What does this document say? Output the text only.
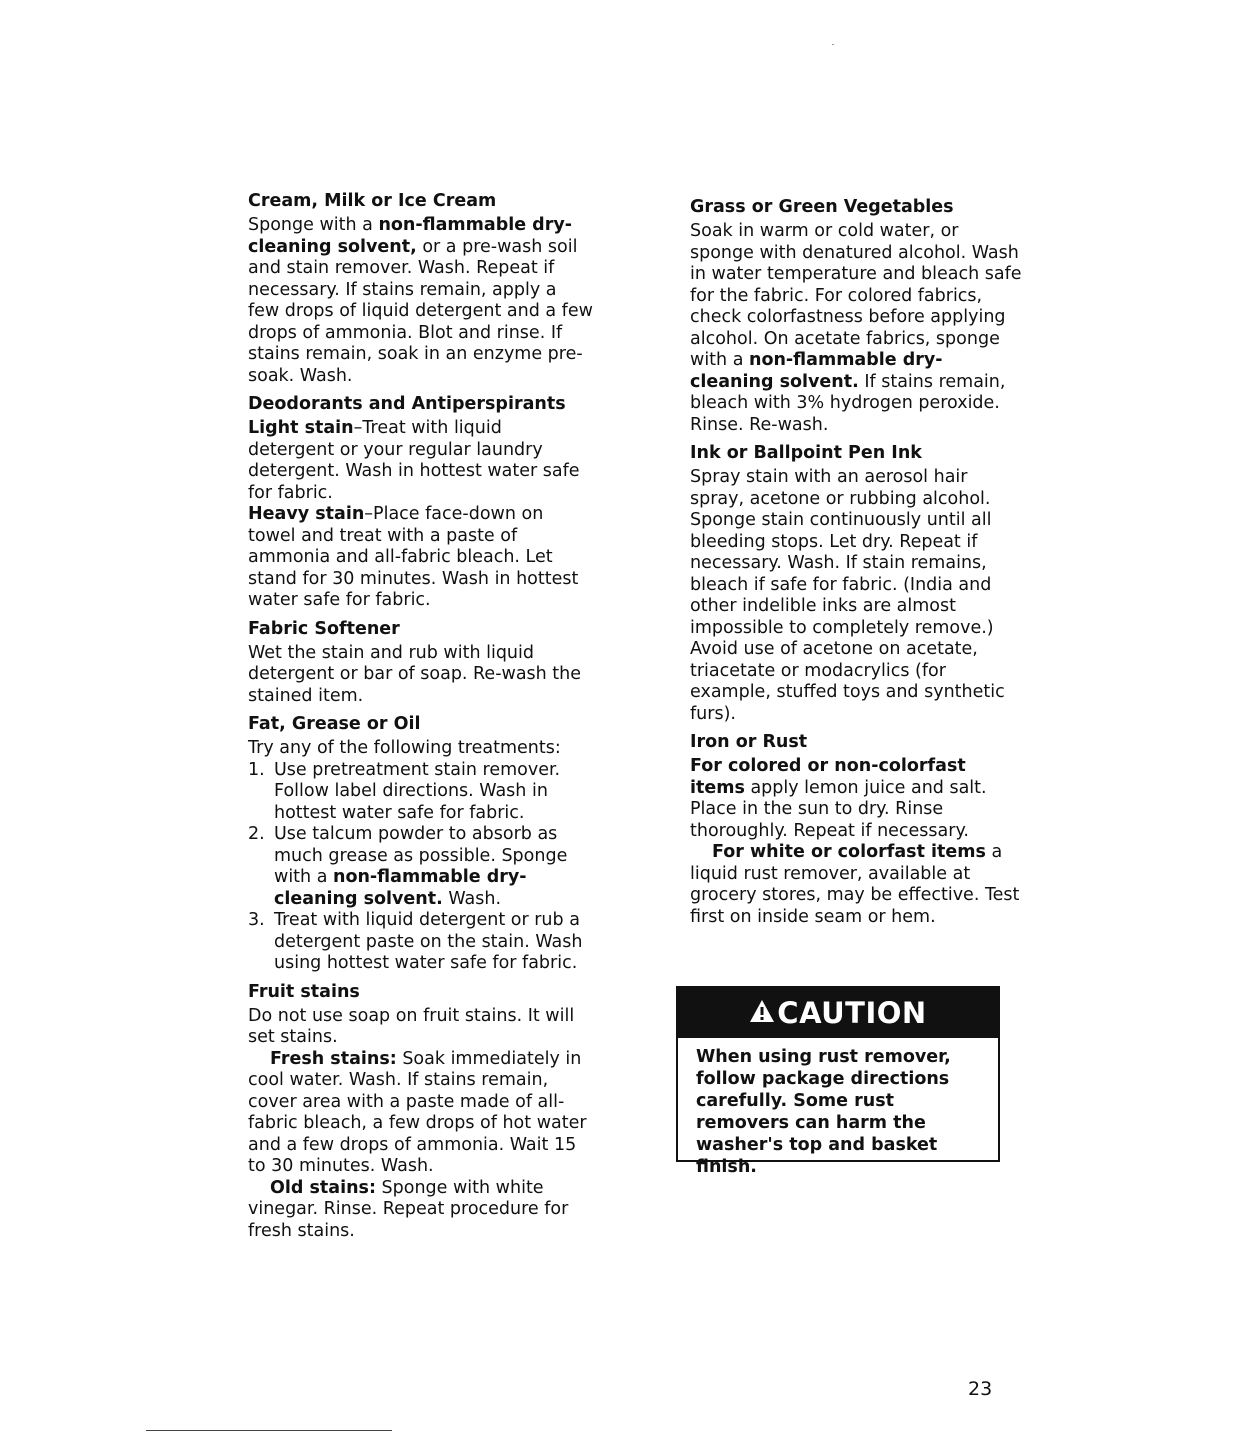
Cream, Milk or Ice Cream

Sponge with a non-flammable dry-cleaning solvent, or a pre-wash soil and stain remover. Wash. Repeat if necessary. If stains remain, apply a few drops of liquid detergent and a few drops of ammonia. Blot and rinse. If stains remain, soak in an enzyme pre-soak. Wash.

Deodorants and Antiperspirants

Light stain–Treat with liquid detergent or your regular laundry detergent. Wash in hottest water safe for fabric.

Heavy stain–Place face-down on towel and treat with a paste of ammonia and all-fabric bleach. Let stand for 30 minutes. Wash in hottest water safe for fabric.

Fabric Softener

Wet the stain and rub with liquid detergent or bar of soap. Re-wash the stained item.

Fat, Grease or Oil

Try any of the following treatments:

1. Use pretreatment stain remover. Follow label directions. Wash in hottest water safe for fabric.
2. Use talcum powder to absorb as much grease as possible. Sponge with a non-flammable dry-cleaning solvent. Wash.
3. Treat with liquid detergent or rub a detergent paste on the stain. Wash using hottest water safe for fabric.
Fruit stains

Do not use soap on fruit stains. It will set stains.

Fresh stains: Soak immediately in cool water. Wash. If stains remain, cover area with a paste made of all-fabric bleach, a few drops of hot water and a few drops of ammonia. Wait 15 to 30 minutes. Wash.

Old stains: Sponge with white vinegar. Rinse. Repeat procedure for fresh stains.

Grass or Green Vegetables

Soak in warm or cold water, or sponge with denatured alcohol. Wash in water temperature and bleach safe for the fabric. For colored fabrics, check colorfastness before applying alcohol. On acetate fabrics, sponge with a non-flammable dry-cleaning solvent. If stains remain, bleach with 3% hydrogen peroxide. Rinse. Re-wash.

Ink or Ballpoint Pen Ink

Spray stain with an aerosol hair spray, acetone or rubbing alcohol. Sponge stain continuously until all bleeding stops. Let dry. Repeat if necessary. Wash. If stain remains, bleach if safe for fabric. (India and other indelible inks are almost impossible to completely remove.) Avoid use of acetone on acetate, triacetate or modacrylics (for example, stuffed toys and synthetic furs).

Iron or Rust

For colored or non-colorfast items apply lemon juice and salt. Place in the sun to dry. Rinse thoroughly. Repeat if necessary.

For white or colorfast items a liquid rust remover, available at grocery stores, may be effective. Test first on inside seam or hem.

CAUTION
When using rust remover, follow package directions carefully. Some rust removers can harm the washer's top and basket finish.
23
